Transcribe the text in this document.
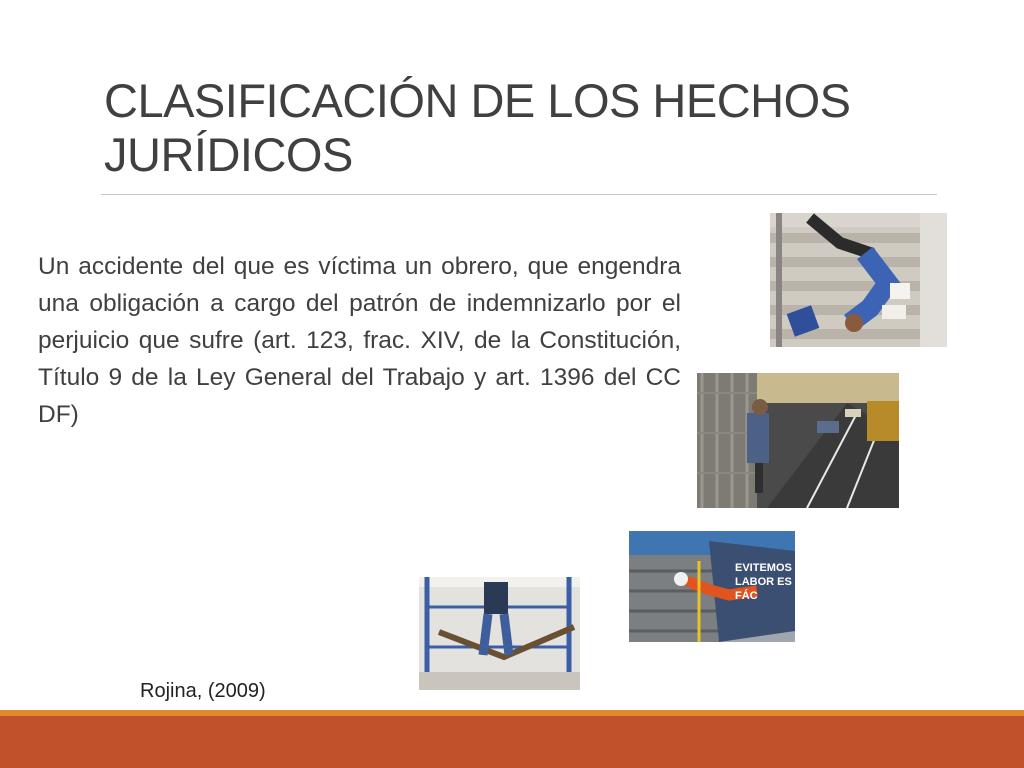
CLASIFICACIÓN DE LOS HECHOS JURÍDICOS
Un accidente del que es víctima un obrero, que engendra una obligación a cargo del patrón de indemnizarlo por el perjuicio que sufre (art. 123, frac. XIV, de la Constitución, Título 9 de la Ley General del Trabajo y art. 1396 del CC DF)
EVITEMOS LABOR ES FÁC
Rojina, (2009)
